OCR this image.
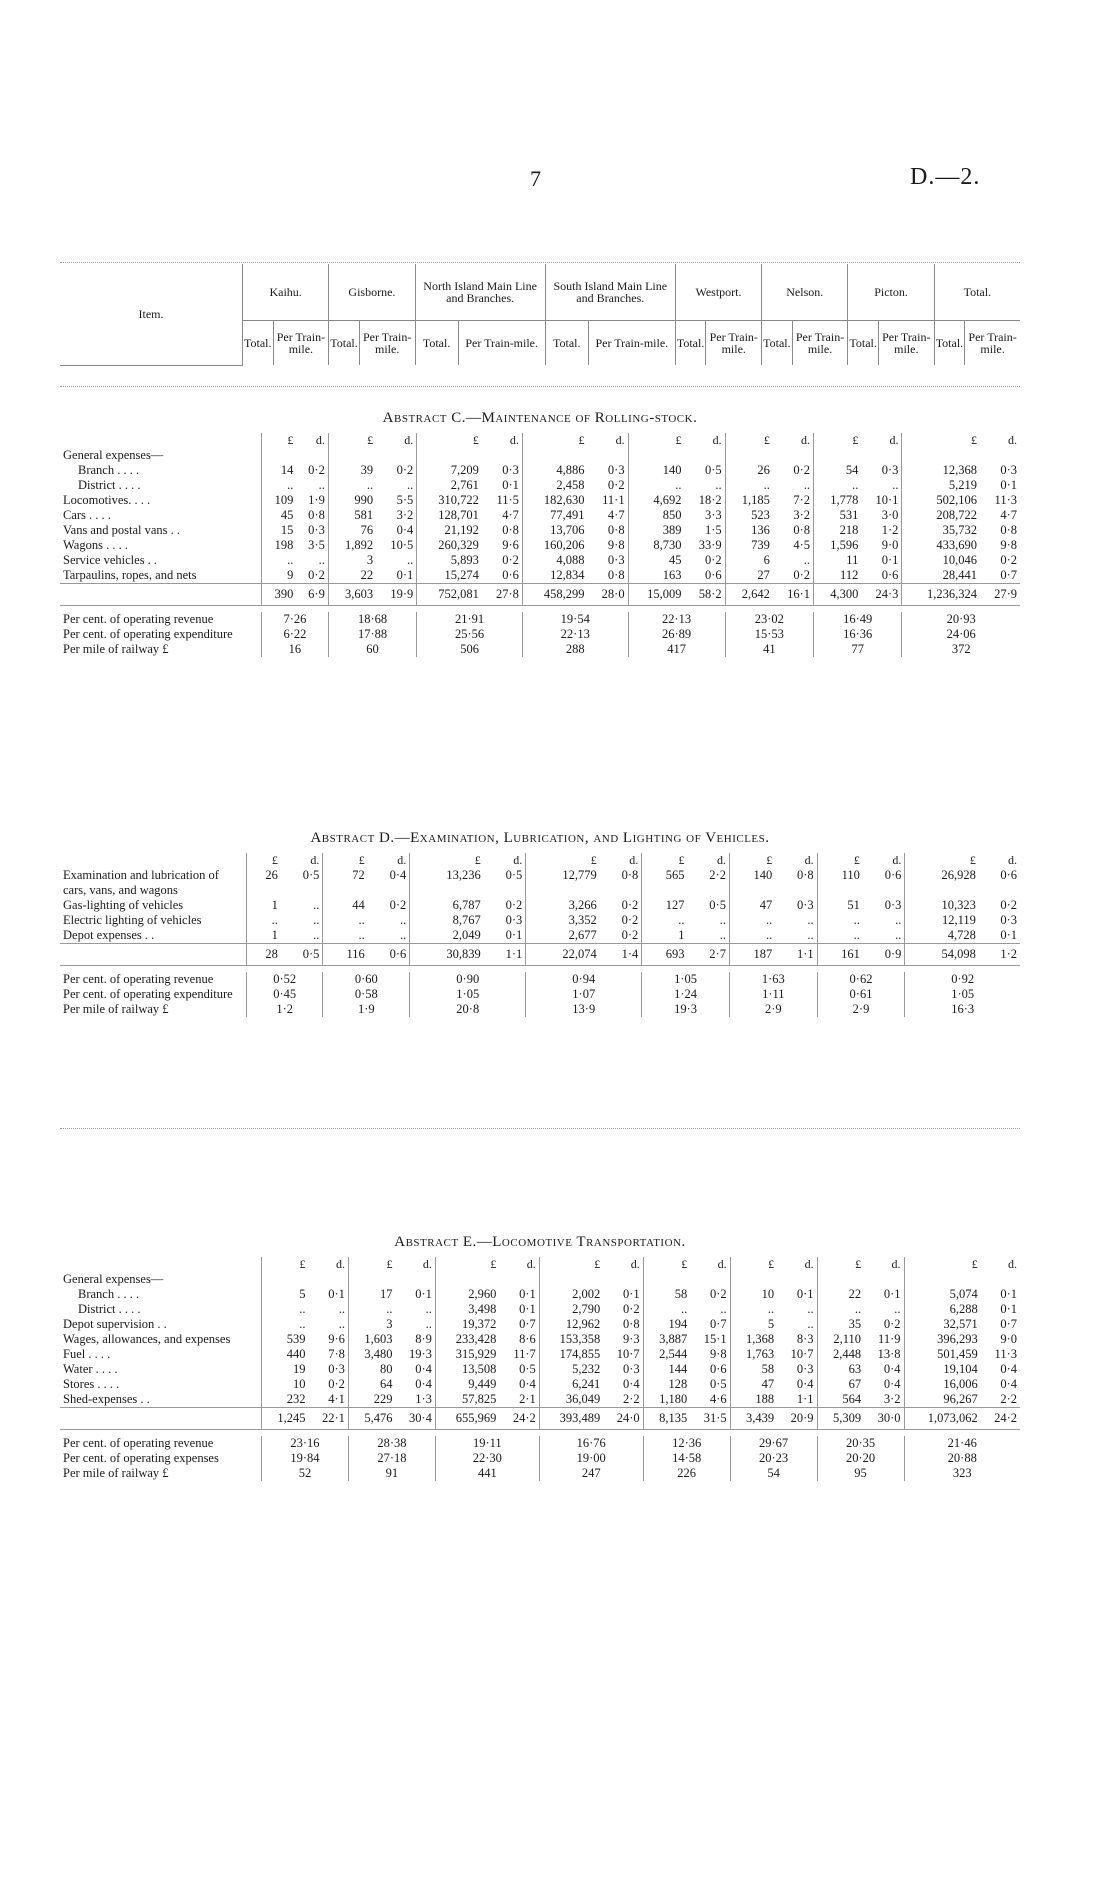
7	D.—2.
Item.	Kaihu.		Gisborne.		North Island Main Line and Branches.		South Island Main Line and Branches.		Westport.		Nelson.		Picton.		Total.	
	Total.	Per Train-mile.	Total.	Per Train-mile.	Total.	Per Train-mile.	Total.	Per Train-mile.	Total.	Per Train-mile.	Total.	Per Train-mile.	Total.	Per Train-mile.	Total.	Per Train-mile.
Abstract C.—Maintenance of Rolling-stock.
	£	d.	£	d.	£	d.	£	d.	£	d.	£	d.	£	d.	£	d.
General expenses—																
Branch . . . .	14	0·2	39	0·2	7,209	0·3	4,886	0·3	140	0·5	26	0·2	54	0·3	12,368	0·3
District . . . .	..	..	..	..	2,761	0·1	2,458	0·2	..	..	..	..	..	..	5,219	0·1
Locomotives. . . .	109	1·9	990	5·5	310,722	11·5	182,630	11·1	4,692	18·2	1,185	7·2	1,778	10·1	502,106	11·3
Cars . . . .	45	0·8	581	3·2	128,701	4·7	77,491	4·7	850	3·3	523	3·2	531	3·0	208,722	4·7
Vans and postal vans . .	15	0·3	76	0·4	21,192	0·8	13,706	0·8	389	1·5	136	0·8	218	1·2	35,732	0·8
Wagons . . . .	198	3·5	1,892	10·5	260,329	9·6	160,206	9·8	8,730	33·9	739	4·5	1,596	9·0	433,690	9·8
Service vehicles . .	..	..	3	..	5,893	0·2	4,088	0·3	45	0·2	6	..	11	0·1	10,046	0·2
Tarpaulins, ropes, and nets	9	0·2	22	0·1	15,274	0·6	12,834	0·8	163	0·6	27	0·2	112	0·6	28,441	0·7
	390	6·9	3,603	19·9	752,081	27·8	458,299	28·0	15,009	58·2	2,642	16·1	4,300	24·3	1,236,324	27·9

Per cent. of operating revenue	7·26		18·68		21·91		19·54		22·13		23·02		16·49		20·93	
Per cent. of operating expenditure	6·22		17·88		25·56		22·13		26·89		15·53		16·36		24·06	
Per mile of railway £	16		60		506		288		417		41		77		372	
Abstract D.—Examination, Lubrication, and Lighting of Vehicles.
	£	d.	£	d.	£	d.	£	d.	£	d.	£	d.	£	d.	£	d.
Examination and lubrication of cars, vans, and wagons	26	0·5	72	0·4	13,236	0·5	12,779	0·8	565	2·2	140	0·8	110	0·6	26,928	0·6
Gas-lighting of vehicles	1	..	44	0·2	6,787	0·2	3,266	0·2	127	0·5	47	0·3	51	0·3	10,323	0·2
Electric lighting of vehicles	..	..	..	..	8,767	0·3	3,352	0·2	..	..	..	..	..	..	12,119	0·3
Depot expenses . .	1	..	..	..	2,049	0·1	2,677	0·2	1	..	..	..	..	..	4,728	0·1
	28	0·5	116	0·6	30,839	1·1	22,074	1·4	693	2·7	187	1·1	161	0·9	54,098	1·2

Per cent. of operating revenue	0·52		0·60		0·90		0·94		1·05		1·63		0·62		0·92	
Per cent. of operating expenditure	0·45		0·58		1·05		1·07		1·24		1·11		0·61		1·05	
Per mile of railway £	1·2		1·9		20·8		13·9		19·3		2·9		2·9		16·3	
Abstract E.—Locomotive Transportation.
	£	d.	£	d.	£	d.	£	d.	£	d.	£	d.	£	d.	£	d.
General expenses—																
Branch . . . .	5	0·1	17	0·1	2,960	0·1	2,002	0·1	58	0·2	10	0·1	22	0·1	5,074	0·1
District . . . .	..	..	..	..	3,498	0·1	2,790	0·2	..	..	..	..	..	..	6,288	0·1
Depot supervision . .	..	..	3	..	19,372	0·7	12,962	0·8	194	0·7	5	..	35	0·2	32,571	0·7
Wages, allowances, and expenses	539	9·6	1,603	8·9	233,428	8·6	153,358	9·3	3,887	15·1	1,368	8·3	2,110	11·9	396,293	9·0
Fuel . . . .	440	7·8	3,480	19·3	315,929	11·7	174,855	10·7	2,544	9·8	1,763	10·7	2,448	13·8	501,459	11·3
Water . . . .	19	0·3	80	0·4	13,508	0·5	5,232	0·3	144	0·6	58	0·3	63	0·4	19,104	0·4
Stores . . . .	10	0·2	64	0·4	9,449	0·4	6,241	0·4	128	0·5	47	0·4	67	0·4	16,006	0·4
Shed-expenses . .	232	4·1	229	1·3	57,825	2·1	36,049	2·2	1,180	4·6	188	1·1	564	3·2	96,267	2·2
	1,245	22·1	5,476	30·4	655,969	24·2	393,489	24·0	8,135	31·5	3,439	20·9	5,309	30·0	1,073,062	24·2

Per cent. of operating revenue	23·16		28·38		19·11		16·76		12·36		29·67		20·35		21·46	
Per cent. of operating expenses	19·84		27·18		22·30		19·00		14·58		20·23		20·20		20·88	
Per mile of railway £	52		91		441		247		226		54		95		323	
